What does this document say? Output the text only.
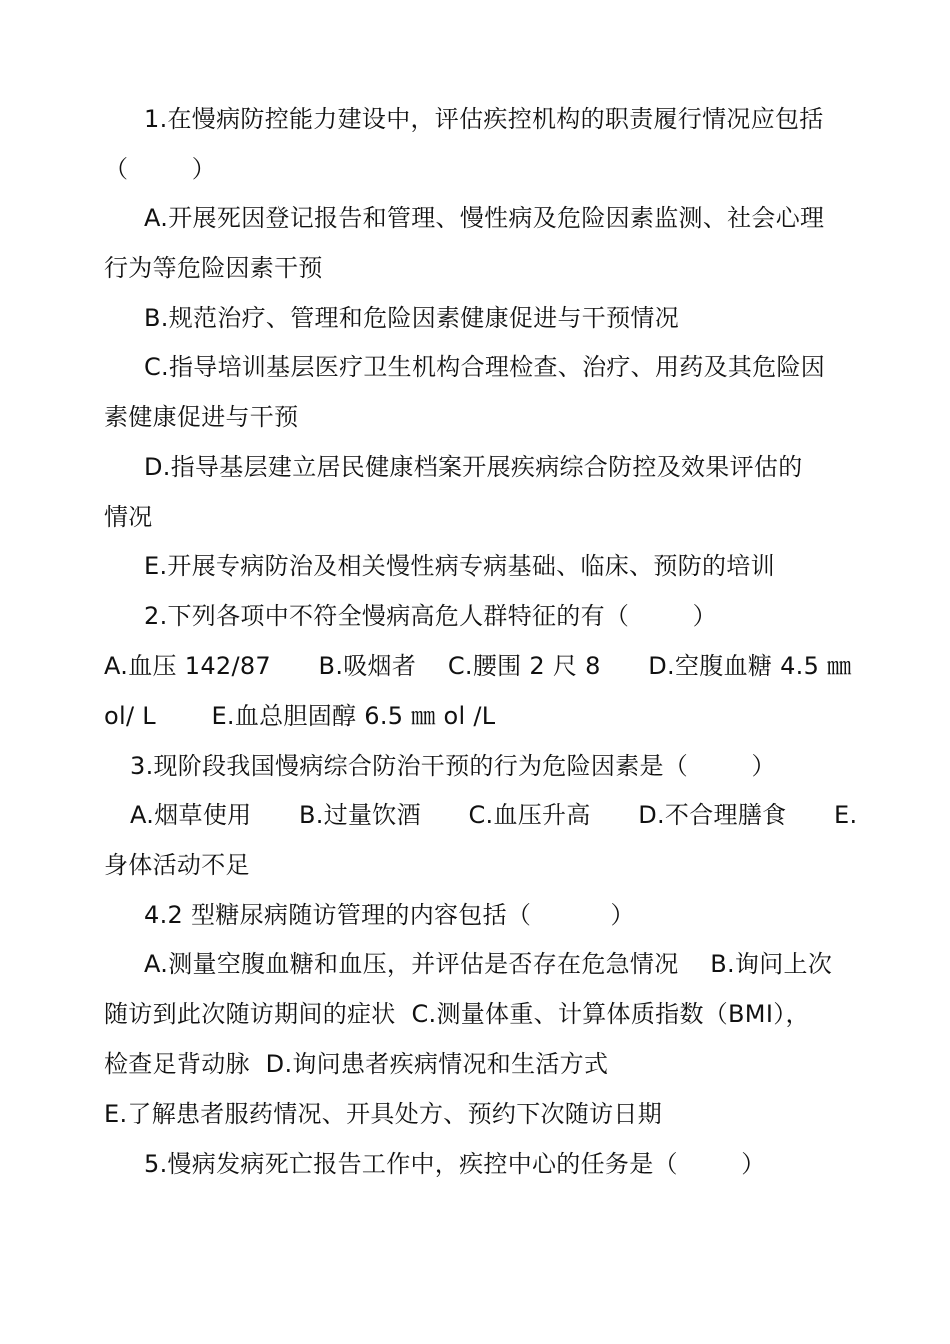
1.在慢病防控能力建设中，评估疾控机构的职责履行情况应包括
（        ）
A.开展死因登记报告和管理、慢性病及危险因素监测、社会心理
行为等危险因素干预
B.规范治疗、管理和危险因素健康促进与干预情况
C.指导培训基层医疗卫生机构合理检查、治疗、用药及其危险因
素健康促进与干预
D.指导基层建立居民健康档案开展疾病综合防控及效果评估的
情况
E.开展专病防治及相关慢性病专病基础、临床、预防的培训
2.下列各项中不符全慢病高危人群特征的有（        ）
A.血压 142/87      B.吸烟者    C.腰围 2 尺 8      D.空腹血糖 4.5 ㎜
ol/ L       E.血总胆固醇 6.5 ㎜ ol /L
3.现阶段我国慢病综合防治干预的行为危险因素是（        ）
A.烟草使用      B.过量饮酒      C.血压升高      D.不合理膳食      E.
身体活动不足
4.2 型糖尿病随访管理的内容包括（          ）
A.测量空腹血糖和血压，并评估是否存在危急情况    B.询问上次
随访到此次随访期间的症状  C.测量体重、计算体质指数（BMI），
检查足背动脉  D.询问患者疾病情况和生活方式
E.了解患者服药情况、开具处方、预约下次随访日期
5.慢病发病死亡报告工作中，疾控中心的任务是（        ）
